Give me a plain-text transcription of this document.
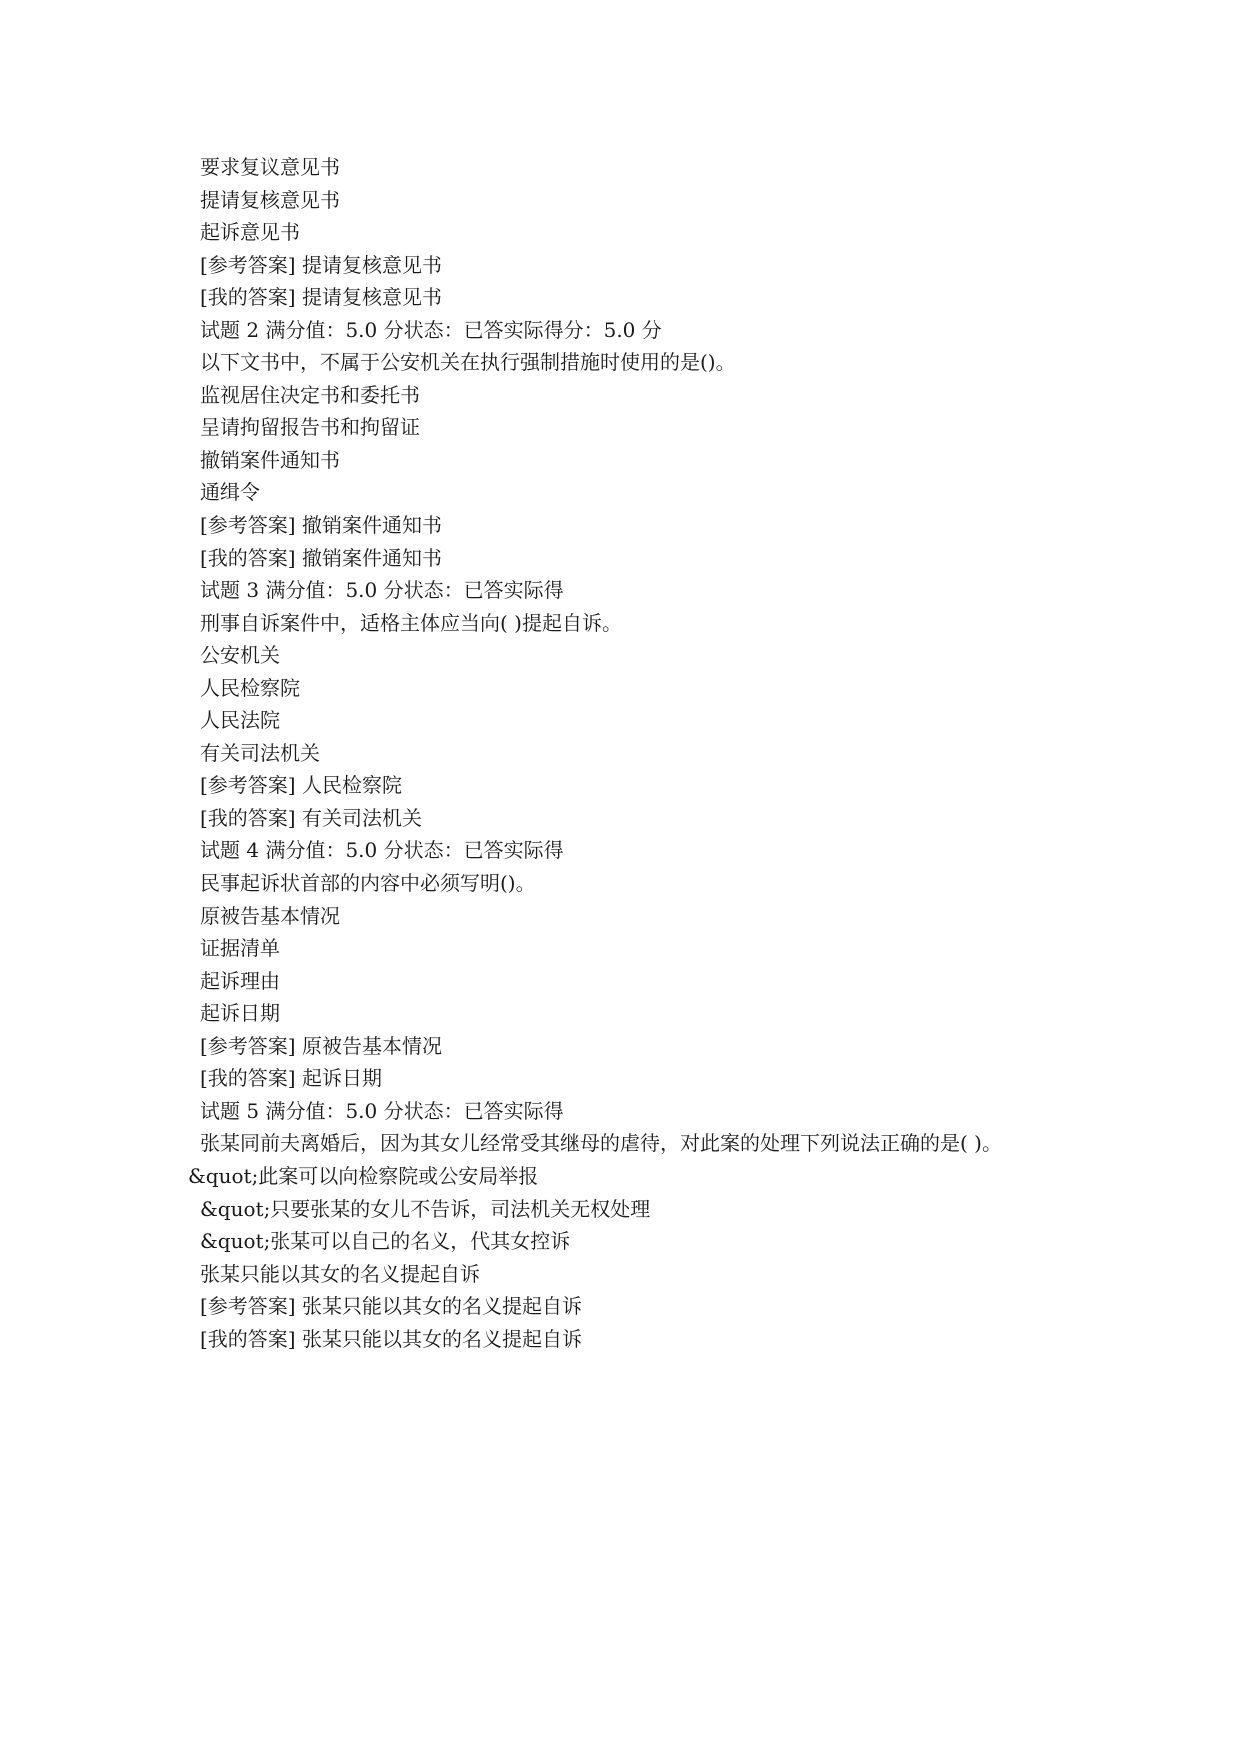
要求复议意见书
提请复核意见书
起诉意见书
[参考答案] 提请复核意见书
[我的答案] 提请复核意见书
试题 2 满分值：5.0 分状态：已答实际得分：5.0 分
以下文书中，不属于公安机关在执行强制措施时使用的是()。
监视居住决定书和委托书
呈请拘留报告书和拘留证
撤销案件通知书
通缉令
[参考答案] 撤销案件通知书
[我的答案] 撤销案件通知书
试题 3 满分值：5.0 分状态：已答实际得
刑事自诉案件中，适格主体应当向( )提起自诉。
公安机关
人民检察院
人民法院
有关司法机关
[参考答案] 人民检察院
[我的答案] 有关司法机关
试题 4 满分值：5.0 分状态：已答实际得
民事起诉状首部的内容中必须写明()。
原被告基本情况
证据清单
起诉理由
起诉日期
[参考答案] 原被告基本情况
[我的答案] 起诉日期
试题 5 满分值：5.0 分状态：已答实际得
张某同前夫离婚后，因为其女儿经常受其继母的虐待，对此案的处理下列说法正确的是( )。
&quot;此案可以向检察院或公安局举报
&quot;只要张某的女儿不告诉，司法机关无权处理
&quot;张某可以自己的名义，代其女控诉
张某只能以其女的名义提起自诉
[参考答案] 张某只能以其女的名义提起自诉
[我的答案] 张某只能以其女的名义提起自诉
